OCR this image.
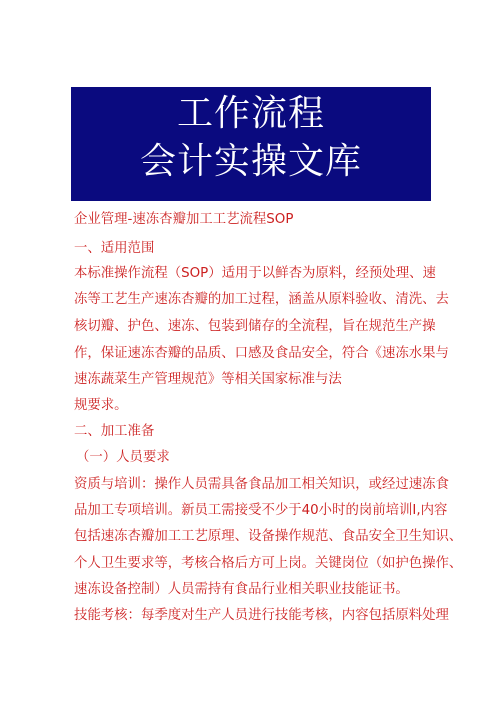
工作流程
会计实操文库
企业管理-速冻杏瓣加工工艺流程SOP
一、适用范围
本标准操作流程（SOP）适用于以鲜杏为原料，经预处理、速
冻等工艺生产速冻杏瓣的加工过程，涵盖从原料验收、清洗、去
核切瓣、护色、速冻、包装到储存的全流程，旨在规范生产操
作，保证速冻杏瓣的品质、口感及食品安全，符合《速冻水果与
速冻蔬菜生产管理规范》等相关国家标准与法
规要求。
二、加工准备
（一）人员要求
资质与培训：操作人员需具备食品加工相关知识，或经过速冻食
品加工专项培训。新员工需接受不少于40小时的岗前培训I,内容
包括速冻杏瓣加工工艺原理、设备操作规范、食品安全卫生知识、
个人卫生要求等，考核合格后方可上岗。关键岗位（如护色操作、
速冻设备控制）人员需持有食品行业相关职业技能证书。
技能考核：每季度对生产人员进行技能考核，内容包括原料处理
